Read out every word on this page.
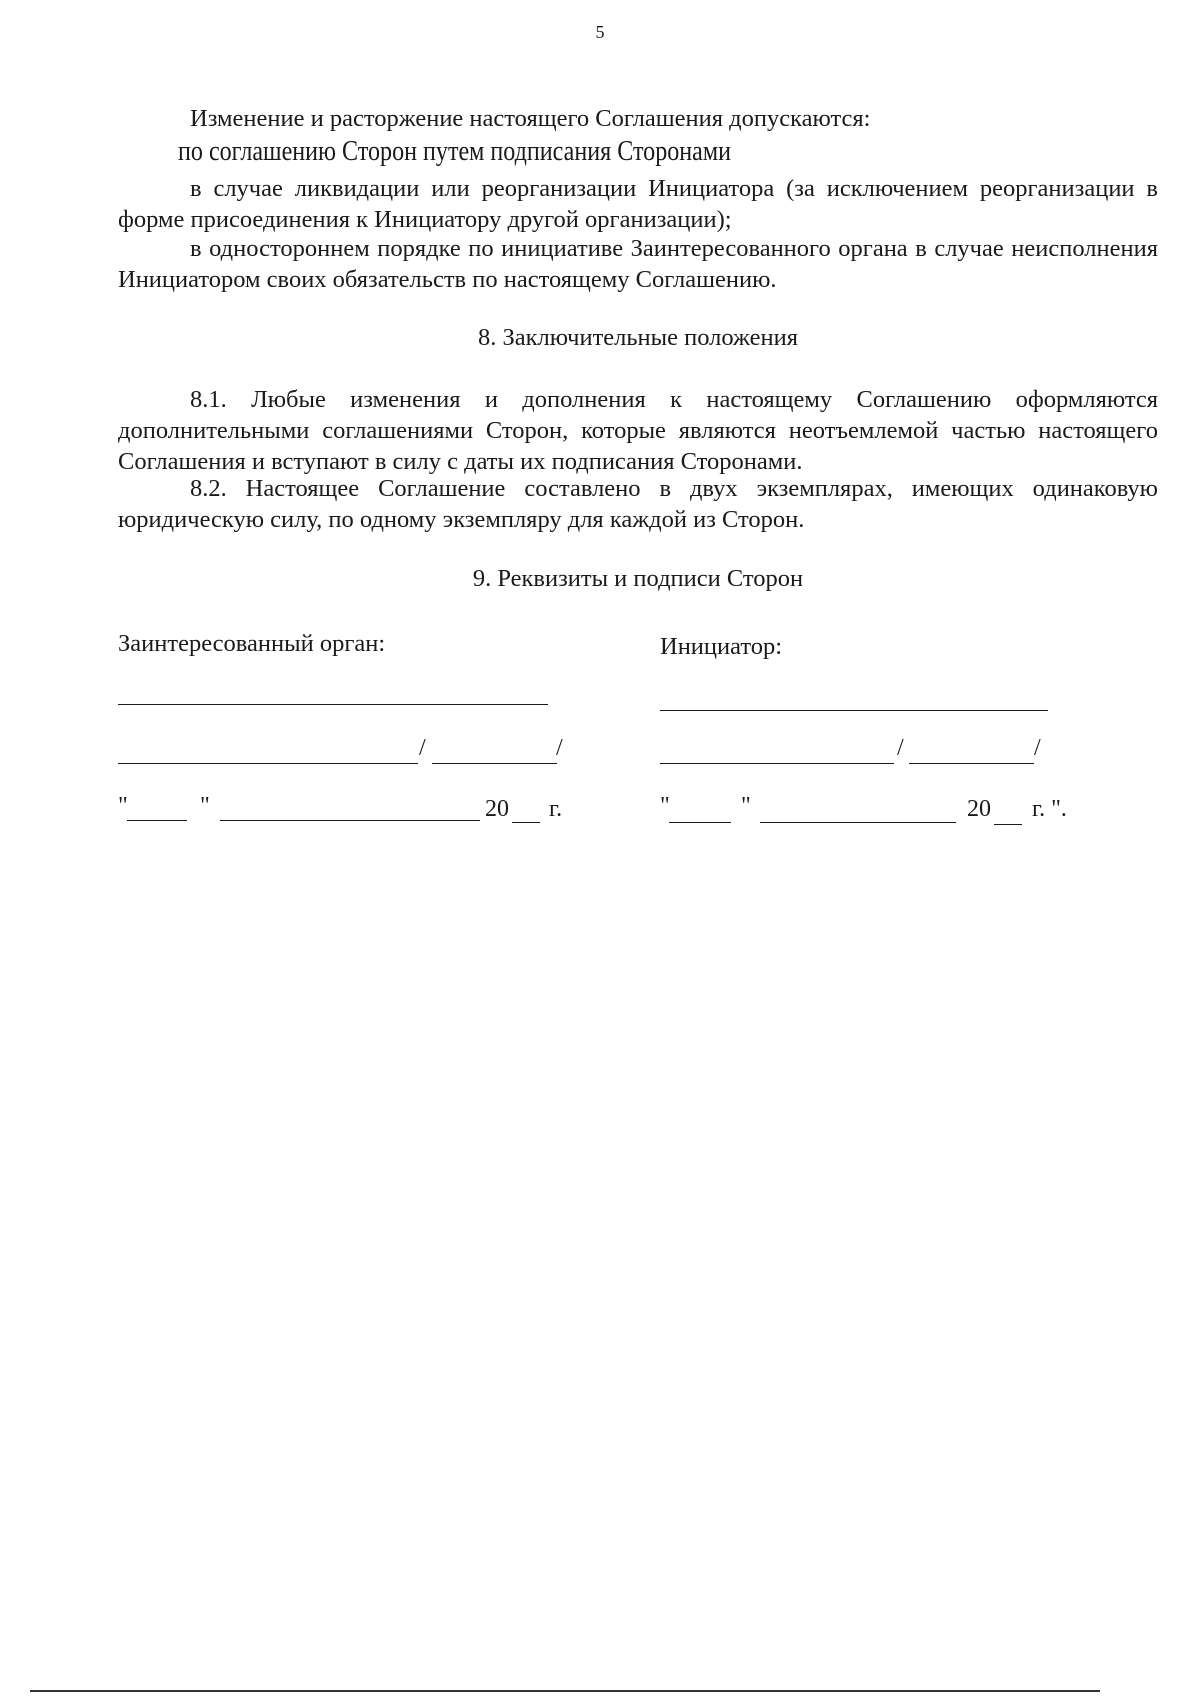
5
Изменение и расторжение настоящего Соглашения допускаются:
по соглашению Сторон путем подписания Сторонами
в случае ликвидации или реорганизации Инициатора (за исключением реорганизации в форме присоединения к Инициатору другой организации);
в одностороннем порядке по инициативе Заинтересованного органа в случае неисполнения Инициатором своих обязательств по настоящему Соглашению.
8. Заключительные положения
8.1. Любые изменения и дополнения к настоящему Соглашению оформляются дополнительными соглашениями Сторон, которые являются неотъемлемой частью настоящего Соглашения и вступают в силу с даты их подписания Сторонами.
8.2. Настоящее Соглашение составлено в двух экземплярах, имеющих одинаковую юридическую силу, по одному экземпляру для каждой из Сторон.
9. Реквизиты и подписи Сторон
Заинтересованный орган:
/	/
"	"	20 г.
Инициатор:
/	/
"	"	20 г. ".
